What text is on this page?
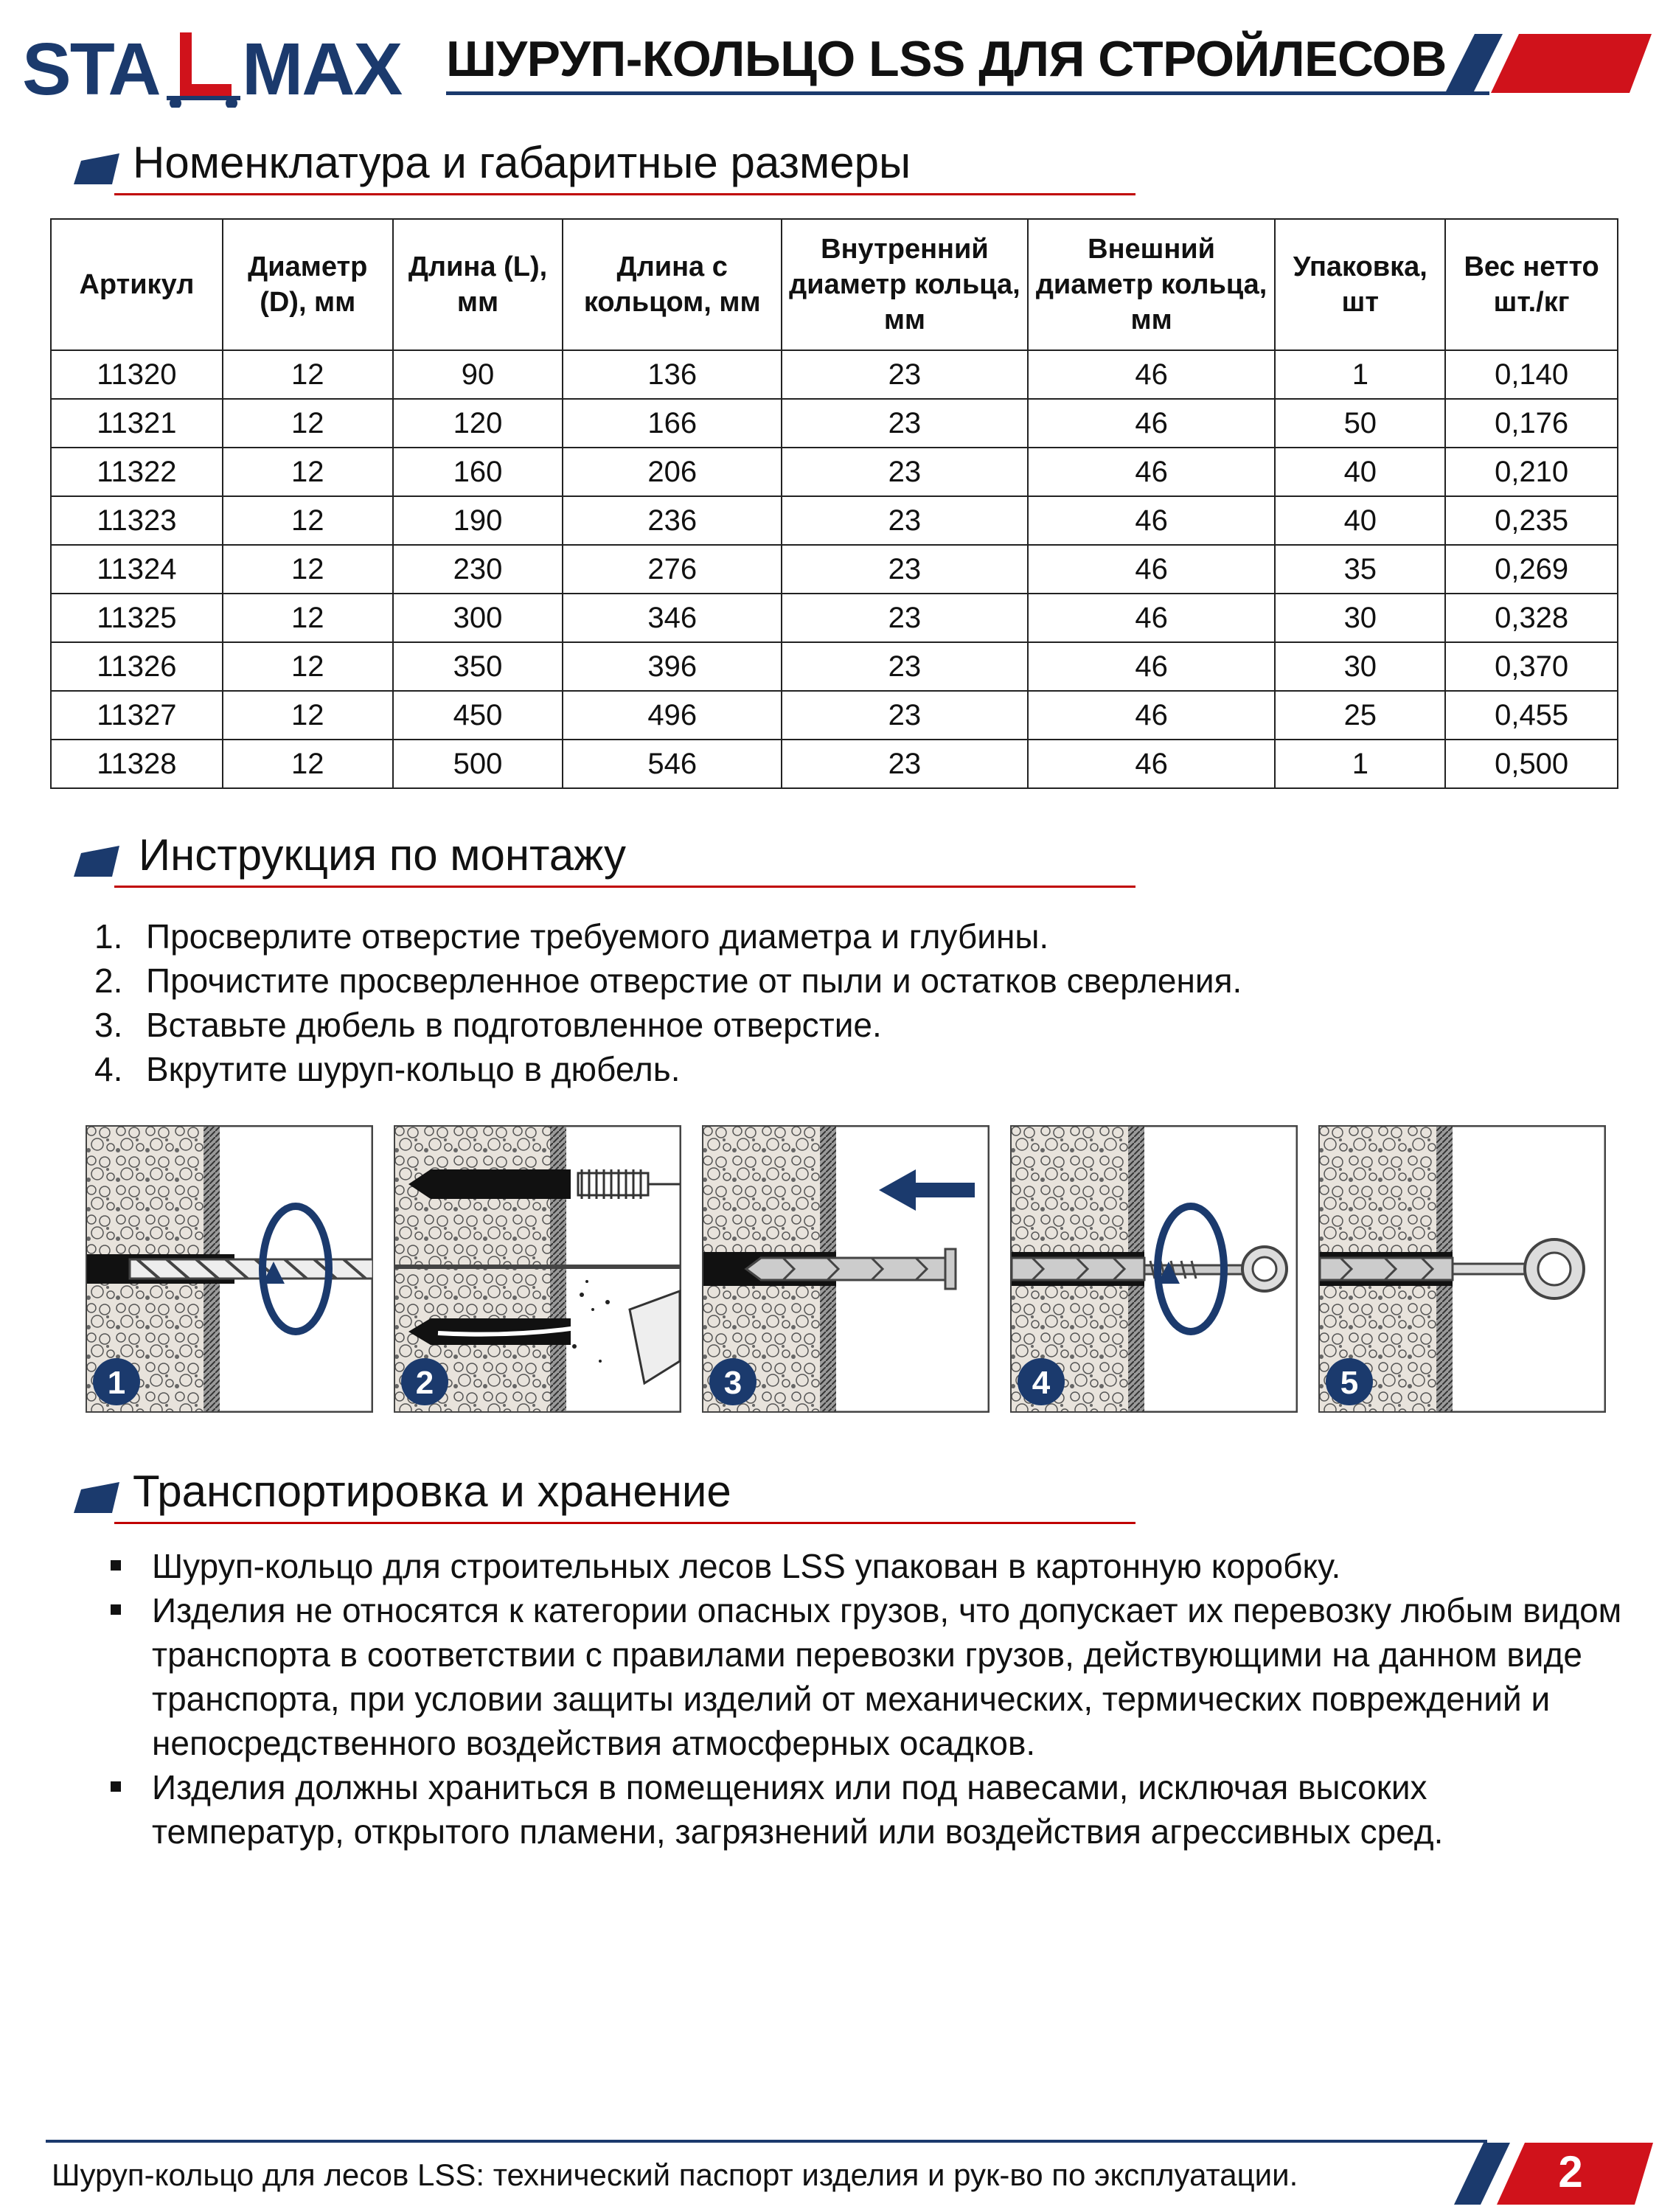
STA MAX ШУРУП-КОЛЬЦО LSS ДЛЯ СТРОЙЛЕСОВ
Номенклатура и габаритные размеры
Артикул	Диаметр (D), мм	Длина (L), мм	Длина с кольцом, мм	Внутренний диаметр кольца, мм	Внешний диаметр кольца, мм	Упаковка, шт	Вес нетто шт./кг
11320	12	90	136	23	46	1	0,140
11321	12	120	166	23	46	50	0,176
11322	12	160	206	23	46	40	0,210
11323	12	190	236	23	46	40	0,235
11324	12	230	276	23	46	35	0,269
11325	12	300	346	23	46	30	0,328
11326	12	350	396	23	46	30	0,370
11327	12	450	496	23	46	25	0,455
11328	12	500	546	23	46	1	0,500
Инструкция по монтажу
1. Просверлите отверстие требуемого диаметра и глубины.
2. Прочистите просверленное отверстие от пыли и остатков сверления.
3. Вставьте дюбель в подготовленное отверстие.
4. Вкрутите шуруп-кольцо в дюбель.
1	2	3	4	5
Транспортировка и хранение
Шуруп-кольцо для строительных лесов LSS упакован в картонную коробку.
Изделия не относятся к категории опасных грузов, что допускает их перевозку любым видом транспорта в соответствии с правилами перевозки грузов, действующими на данном виде транспорта, при условии защиты изделий от механических, термических повреждений и непосредственного воздействия атмосферных осадков.
Изделия должны храниться в помещениях или под навесами, исключая высоких температур, открытого пламени, загрязнений или воздействия агрессивных сред.
Шуруп-кольцо для лесов LSS: технический паспорт изделия и рук-во по эксплуатации.	2
